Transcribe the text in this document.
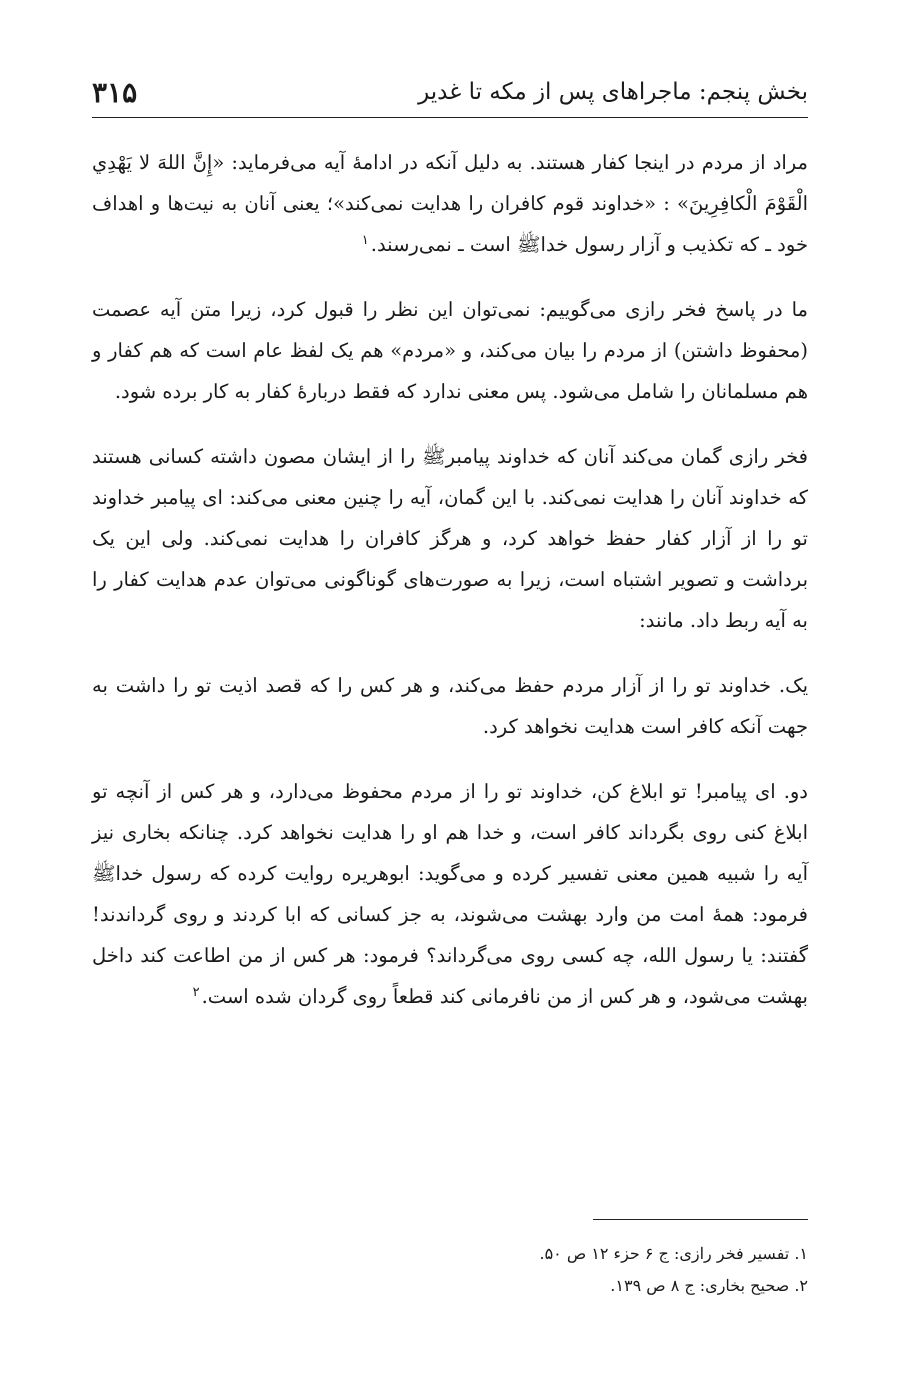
بخش پنجم: ماجراهای پس از مکه تا غدیر
۳۱۵

مراد از مردم در اینجا کفار هستند. به دلیل آنکه در ادامهٔ آیه می‌فرماید: «إِنَّ اللهَ لا يَهْدِي الْقَوْمَ الْكافِرِينَ» : «خداوند قوم کافران را هدایت نمی‌کند»؛ یعنی آنان به نیت‌ها و اهداف خود ـ که تکذیب و آزار رسول خداﷺ است ـ نمی‌رسند.$^۱$

ما در پاسخ فخر رازی می‌گوییم: نمی‌توان این نظر را قبول کرد، زیرا متن آیه عصمت (محفوظ داشتن) از مردم را بیان می‌کند، و «مردم» هم یک لفظ عام است که هم کفار و هم مسلمانان را شامل می‌شود. پس معنی ندارد که فقط دربارهٔ کفار به کار برده شود.

فخر رازی گمان می‌کند آنان که خداوند پیامبرﷺ را از ایشان مصون داشته کسانی هستند که خداوند آنان را هدایت نمی‌کند. با این گمان، آیه را چنین معنی می‌کند: ای پیامبر خداوند تو را از آزار کفار حفظ خواهد کرد، و هرگز کافران را هدایت نمی‌کند. ولی این یک برداشت و تصویر اشتباه است، زیرا به صورت‌های گوناگونی می‌توان عدم هدایت کفار را به آیه ربط داد. مانند:

یک. خداوند تو را از آزار مردم حفظ می‌کند، و هر کس را که قصد اذیت تو را داشت به جهت آنکه کافر است هدایت نخواهد کرد.

دو. ای پیامبر! تو ابلاغ کن، خداوند تو را از مردم محفوظ می‌دارد، و هر کس از آنچه تو ابلاغ کنی روی بگرداند کافر است، و خدا هم او را هدایت نخواهد کرد. چنانکه بخاری نیز آیه را شبیه همین معنی تفسیر کرده و می‌گوید: ابوهریره روایت کرده که رسول خداﷺ فرمود: همهٔ امت من وارد بهشت می‌شوند، به جز کسانی که ابا کردند و روی گرداندند! گفتند: یا رسول الله، چه کسی روی می‌گرداند؟ فرمود: هر کس از من اطاعت کند داخل بهشت می‌شود، و هر کس از من نافرمانی کند قطعاً روی گردان شده است.$^۲$

۱. تفسیر فخر رازی: ج ۶ حزء ۱۲ ص ۵۰.

۲. صحیح بخاری: ج ۸ ص ۱۳۹.
